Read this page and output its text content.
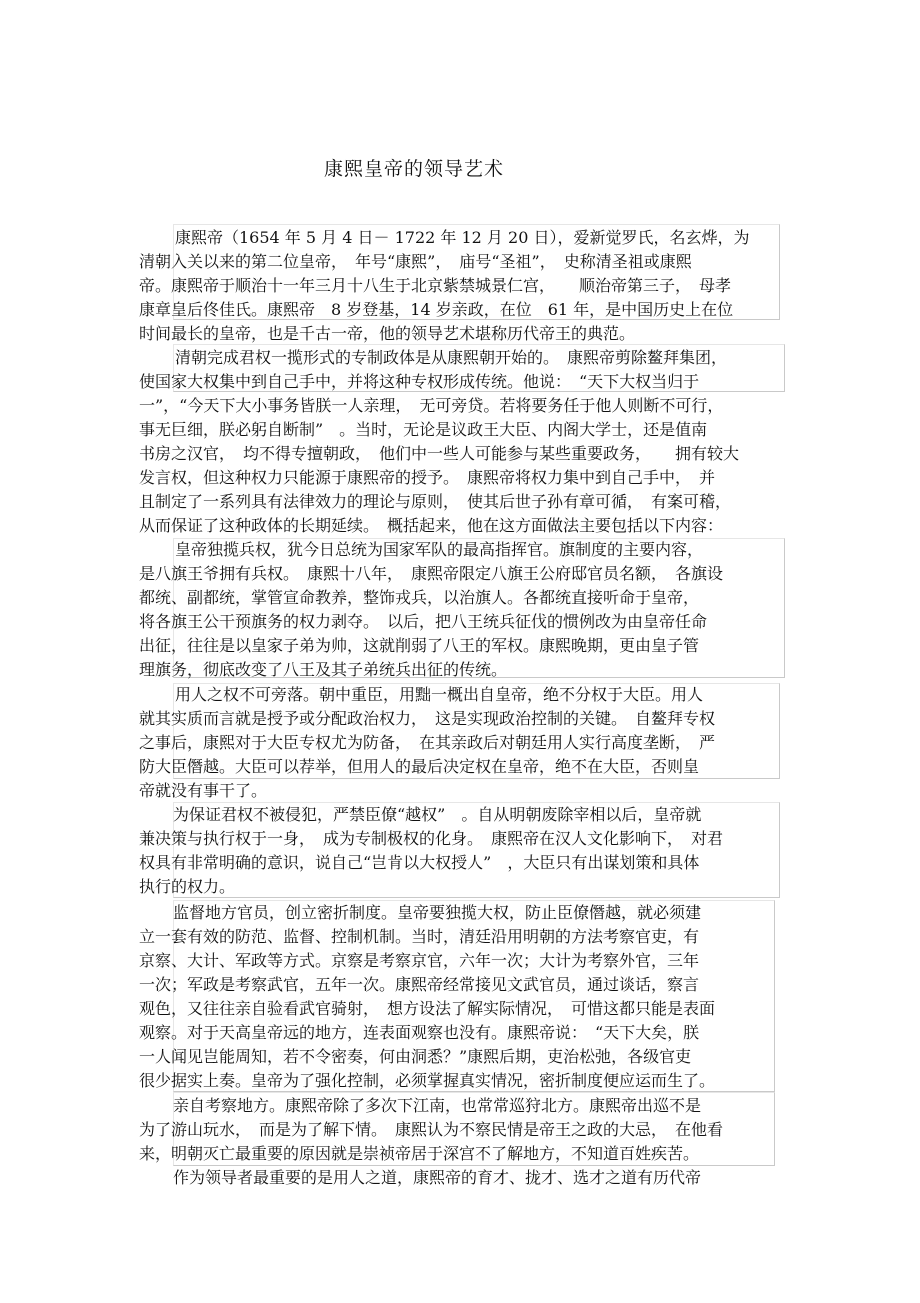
康熙皇帝的领导艺术
康熙帝（1654 年 5 月 4 日－ 1722 年 12 月 20 日），爱新觉罗氏，名玄烨，为
清朝入关以来的第二位皇帝，　年号“康熙”，　庙号“圣祖”，　史称清圣祖或康熙
帝。康熙帝于顺治十一年三月十八生于北京紫禁城景仁宫，　　顺治帝第三子，　母孝
康章皇后佟佳氏。康熙帝　8 岁登基，14 岁亲政，在位　61 年，是中国历史上在位
时间最长的皇帝，也是千古一帝，他的领导艺术堪称历代帝王的典范。
清朝完成君权一揽形式的专制政体是从康熙朝开始的。　康熙帝剪除鳌拜集团，
使国家大权集中到自己手中，并将这种专权形成传统。他说：　“天下大权当归于
一”，“今天下大小事务皆朕一人亲理，　无可旁贷。若将要务任于他人则断不可行，
事无巨细，朕必躬自断制”　。当时，无论是议政王大臣、内阁大学士，还是值南
书房之汉官，　均不得专擅朝政，　他们中一些人可能参与某些重要政务，　　拥有较大
发言权，但这种权力只能源于康熙帝的授予。　康熙帝将权力集中到自己手中，　并
且制定了一系列具有法律效力的理论与原则，　使其后世子孙有章可循，　有案可稽，
从而保证了这种政体的长期延续。　概括起来，他在这方面做法主要包括以下内容：
皇帝独揽兵权，犹今日总统为国家军队的最高指挥官。旗制度的主要内容，
是八旗王爷拥有兵权。　康熙十八年，　康熙帝限定八旗王公府邸官员名额，　各旗设
都统、副都统，掌管宣命教养，整饰戎兵，以治旗人。各都统直接听命于皇帝，
将各旗王公干预旗务的权力剥夺。　以后，把八王统兵征伐的惯例改为由皇帝任命
出征，往往是以皇家子弟为帅，这就削弱了八王的军权。康熙晚期，更由皇子管
理旗务，彻底改变了八王及其子弟统兵出征的传统。
用人之权不可旁落。朝中重臣，用黜一概出自皇帝，绝不分权于大臣。用人
就其实质而言就是授予或分配政治权力，　这是实现政治控制的关键。　自鳌拜专权
之事后，康熙对于大臣专权尤为防备，　在其亲政后对朝廷用人实行高度垄断，　严
防大臣僭越。大臣可以荐举，但用人的最后决定权在皇帝，绝不在大臣，否则皇
帝就没有事干了。
为保证君权不被侵犯，严禁臣僚“越权”　。自从明朝废除宰相以后，皇帝就
兼决策与执行权于一身，　成为专制极权的化身。　康熙帝在汉人文化影响下，　对君
权具有非常明确的意识，说自己“岂肯以大权授人”　，大臣只有出谋划策和具体
执行的权力。
监督地方官员，创立密折制度。皇帝要独揽大权，防止臣僚僭越，就必须建
立一套有效的防范、监督、控制机制。当时，清廷沿用明朝的方法考察官吏，有
京察、大计、军政等方式。京察是考察京官，六年一次；大计为考察外官，三年
一次；军政是考察武官，五年一次。康熙帝经常接见文武官员，通过谈话，察言
观色，又往往亲自验看武官骑射，　想方设法了解实际情况，　可惜这都只能是表面
观察。对于天高皇帝远的地方，连表面观察也没有。康熙帝说：　“天下大矣，朕
一人闻见岂能周知，若不令密奏，何由洞悉？”康熙后期，吏治松弛，各级官吏
很少据实上奏。皇帝为了强化控制，必须掌握真实情况，密折制度便应运而生了。
亲自考察地方。康熙帝除了多次下江南，也常常巡狩北方。康熙帝出巡不是
为了游山玩水，　而是为了解下情。　康熙认为不察民情是帝王之政的大忌，　在他看
来，明朝灭亡最重要的原因就是崇祯帝居于深宫不了解地方，不知道百姓疾苦。
作为领导者最重要的是用人之道，康熙帝的育才、拢才、选才之道有历代帝
